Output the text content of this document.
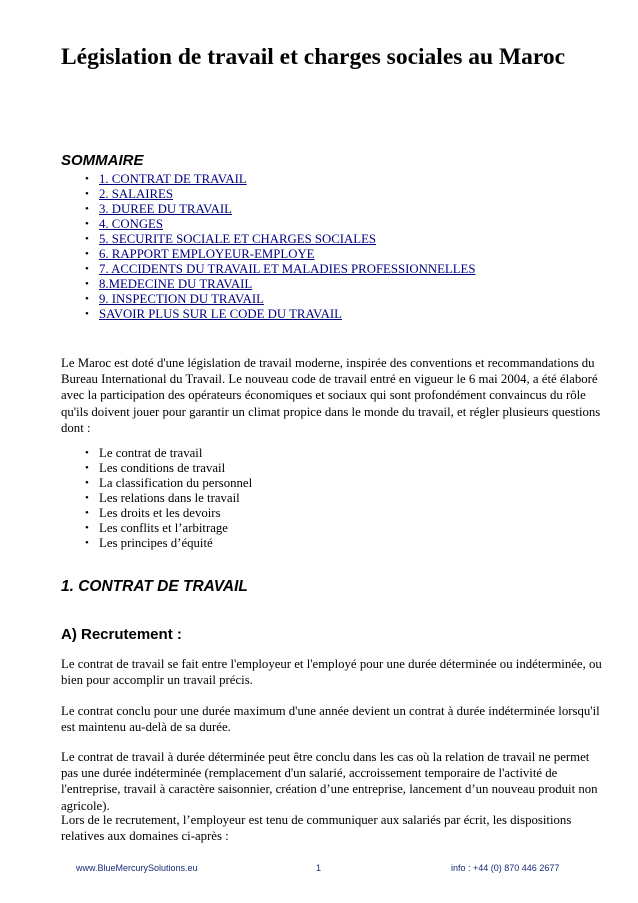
Législation de travail et charges sociales au Maroc
SOMMAIRE
• 1. CONTRAT DE TRAVAIL
• 2. SALAIRES
• 3. DUREE DU TRAVAIL
• 4. CONGES
• 5. SECURITE SOCIALE ET CHARGES SOCIALES
• 6. RAPPORT EMPLOYEUR-EMPLOYE
• 7. ACCIDENTS DU TRAVAIL ET MALADIES PROFESSIONNELLES
• 8.MEDECINE DU TRAVAIL
• 9. INSPECTION DU TRAVAIL
• SAVOIR PLUS SUR LE CODE DU TRAVAIL

Le Maroc est doté d'une législation de travail moderne, inspirée des conventions et recommandations du Bureau International du Travail. Le nouveau code de travail entré en vigueur le 6 mai 2004, a été élaboré avec la participation des opérateurs économiques et sociaux qui sont profondément convaincus du rôle qu'ils doivent jouer pour garantir un climat propice dans le monde du travail, et régler plusieurs questions dont :

• Le contrat de travail
• Les conditions de travail
• La classification du personnel
• Les relations dans le travail
• Les droits et les devoirs
• Les conflits et l’arbitrage
• Les principes d’équité
1. CONTRAT DE TRAVAIL
A) Recrutement :

Le contrat de travail se fait entre l'employeur et l'employé pour une durée déterminée ou indéterminée, ou bien pour accomplir un travail précis.

Le contrat conclu pour une durée maximum d'une année devient un contrat à durée indéterminée lorsqu'il est maintenu au-delà de sa durée.

Le contrat de travail à durée déterminée peut être conclu dans les cas où la relation de travail ne permet pas une durée indéterminée (remplacement d'un salarié, accroissement temporaire de l'activité de l'entreprise, travail à caractère saisonnier, création d’une entreprise, lancement d’un nouveau produit non agricole).

Lors de le recrutement, l’employeur est tenu de communiquer aux salariés par écrit, les dispositions relatives aux domaines ci-après :

www.BlueMercurySolutions.eu	1	info : +44 (0) 870 446 2677
